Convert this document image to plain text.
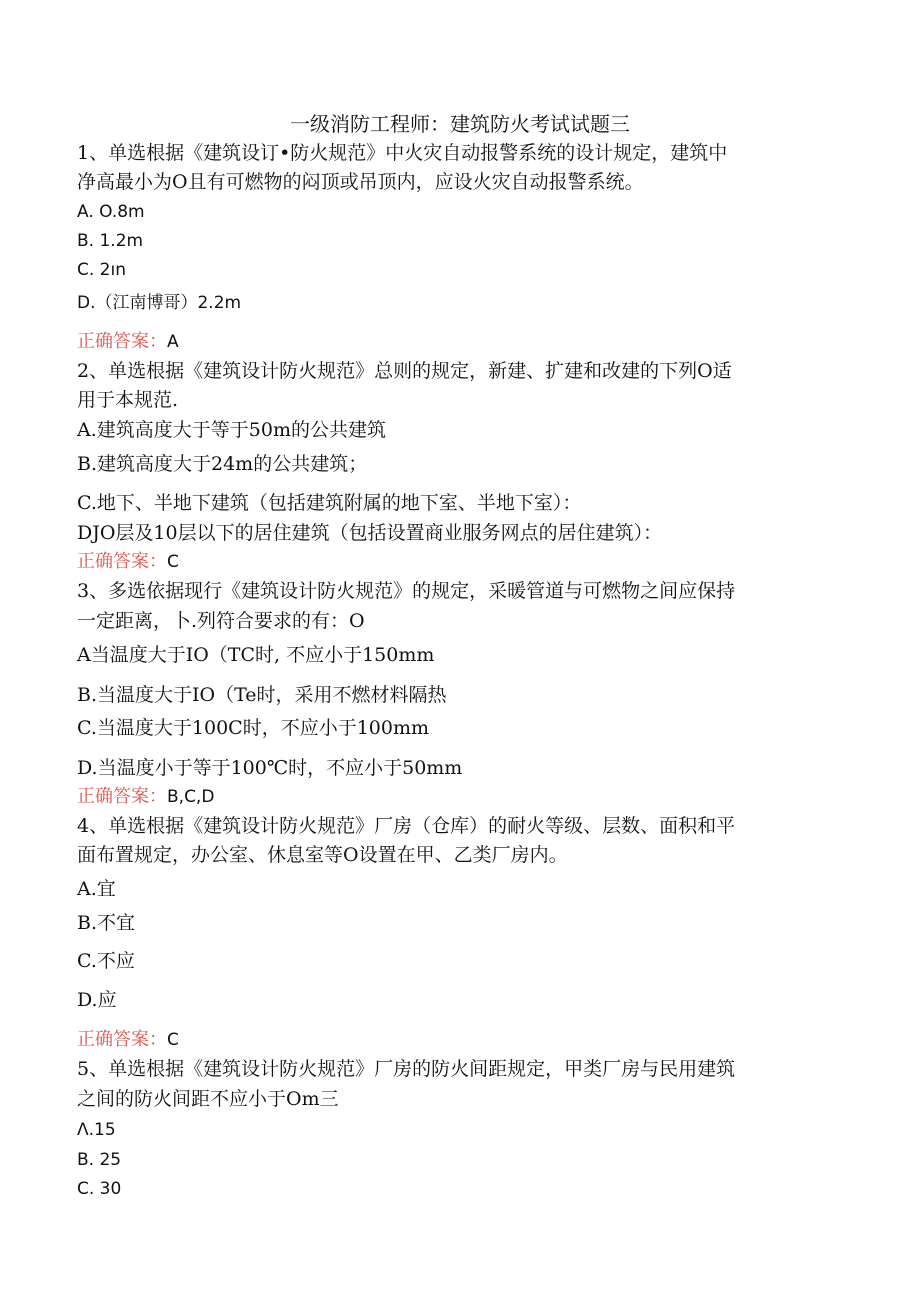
一级消防工程师：建筑防火考试试题三
1、单选根据《建筑设订•防火规范》中火灾自动报警系统的设计规定，建筑中
净高最小为O且有可燃物的闷顶或吊顶内，应设火灾自动报警系统。
A. O.8m
B. 1.2m
C. 2ın
D.（江南博哥）2.2m
正确答案：A
2、单选根据《建筑设计防火规范》总则的规定，新建、扩建和改建的下列O适
用于本规范.
A.建筑高度大于等于50m的公共建筑
B.建筑高度大于24m的公共建筑；
C.地下、半地下建筑（包括建筑附属的地下室、半地下室）：
DJO层及10层以下的居住建筑（包括设置商业服务网点的居住建筑）：
正确答案：C
3、多选依据现行《建筑设计防火规范》的规定，采暖管道与可燃物之间应保持
一定距离，卜.列符合要求的有：O
A当温度大于IO（TC时, 不应小于150mm
B.当温度大于IO（Te时，采用不燃材料隔热
C.当温度大于100C时，不应小于100mm
D.当温度小于等于100℃时，不应小于50mm
正确答案：B,C,D
4、单选根据《建筑设计防火规范》厂房（仓库）的耐火等级、层数、面积和平
面布置规定，办公室、休息室等O设置在甲、乙类厂房内。
A.宜
B.不宜
C.不应
D.应
正确答案：C
5、单选根据《建筑设计防火规范》厂房的防火间距规定，甲类厂房与民用建筑
之间的防火间距不应小于Om三
Λ.15
B. 25
C. 30
